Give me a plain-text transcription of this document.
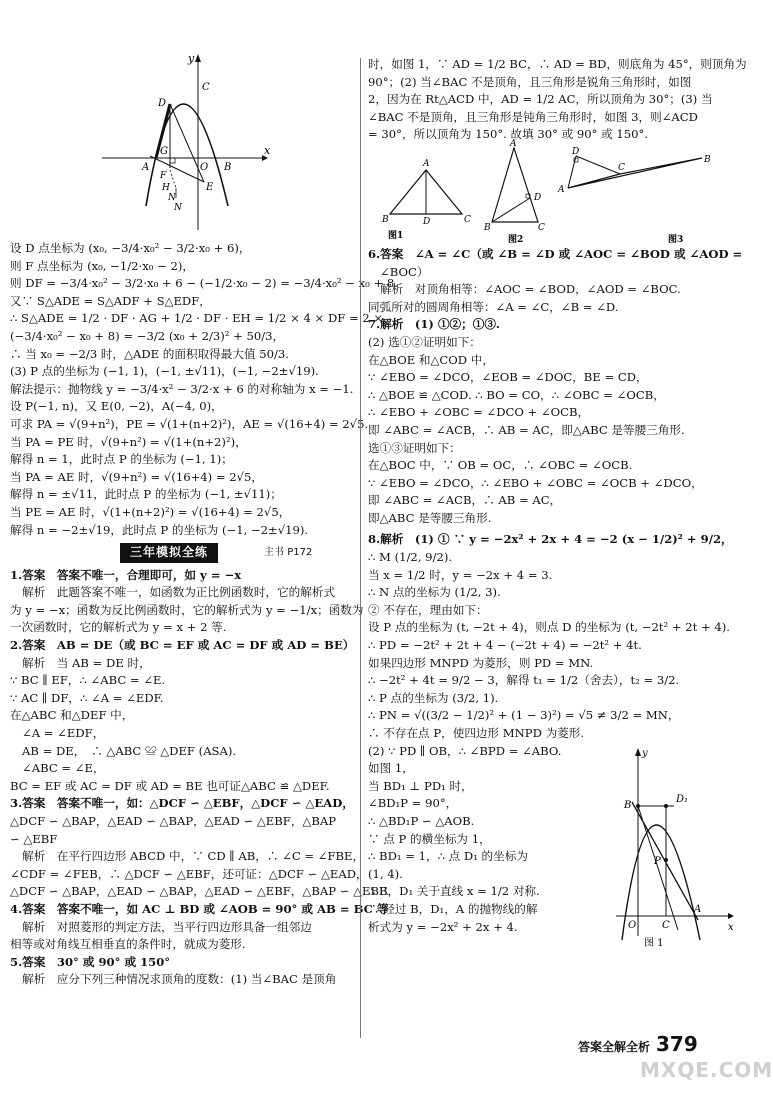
y
x
C
D
A
G
O B
F
H	E
N
N
设 D 点坐标为 (x₀, −3/4·x₀² − 3/2·x₀ + 6)，
则 F 点坐标为 (x₀, −1/2·x₀ − 2)，
则 DF = −3/4·x₀² − 3/2·x₀ + 6 − (−1/2·x₀ − 2) = −3/4·x₀² − x₀ + 8.
又∵ S△ADE = S△ADF + S△EDF，
∴ S△ADE = 1/2 · DF · AG + 1/2 · DF · EH = 1/2 × 4 × DF = 2 ×
(−3/4·x₀² − x₀ + 8) = −3/2 (x₀ + 2/3)² + 50/3，
∴ 当 x₀ = −2/3 时，△ADE 的面积取得最大值 50/3.
(3) P 点的坐标为 (−1, 1)，(−1, ±√11)，(−1, −2±√19).
解法提示：抛物线 y = −3/4·x² − 3/2·x + 6 的对称轴为 x = −1.
设 P(−1, n)，又 E(0, −2)，A(−4, 0)，
可求 PA = √(9+n²)，PE = √(1+(n+2)²)，AE = √(16+4) = 2√5.
当 PA = PE 时，√(9+n²) = √(1+(n+2)²)，
解得 n = 1，此时点 P 的坐标为 (−1, 1)；
当 PA = AE 时，√(9+n²) = √(16+4) = 2√5，
解得 n = ±√11，此时点 P 的坐标为 (−1, ±√11)；
当 PE = AE 时，√(1+(n+2)²) = √(16+4) = 2√5，
解得 n = −2±√19，此时点 P 的坐标为 (−1, −2±√19).
三年模拟全练	主书 P172
1.答案　答案不唯一，合理即可，如 y = −x
解析　此题答案不唯一，如函数为正比例函数时，它的解析式
为 y = −x；函数为反比例函数时，它的解析式为 y = −1/x；函数为
一次函数时，它的解析式为 y = x + 2 等.
2.答案　AB = DE（或 BC = EF 或 AC = DF 或 AD = BE）
解析　当 AB = DE 时，
∵ BC ∥ EF，∴ ∠ABC = ∠E.
∵ AC ∥ DF，∴ ∠A = ∠EDF.
在△ABC 和△DEF 中，
∠A = ∠EDF，
AB = DE，　∴ △ABC ≌ △DEF (ASA).
∠ABC = ∠E，
BC = EF 或 AC = DF 或 AD = BE 也可证△ABC ≌ △DEF.
3.答案　答案不唯一，如：△DCF ∽ △EBF，△DCF ∽ △EAD，
△DCF ∽ △BAP，△EAD ∽ △BAP，△EAD ∽ △EBF，△BAP
∽ △EBF
解析　在平行四边形 ABCD 中，∵ CD ∥ AB，∴ ∠C = ∠FBE，
∠CDF = ∠FEB，∴ △DCF ∽ △EBF，还可证：△DCF ∽ △EAD，
△DCF ∽ △BAP，△EAD ∽ △BAP，△EAD ∽ △EBF，△BAP ∽ △EBF.
4.答案　答案不唯一，如 AC ⊥ BD 或 ∠AOB = 90° 或 AB = BC 等
解析　对照菱形的判定方法，当平行四边形具备一组邻边
相等或对角线互相垂直的条件时，就成为菱形.
5.答案　30° 或 90° 或 150°
解析　应分下列三种情况求顶角的度数：(1) 当∠BAC 是顶角
时，如图 1，∵ AD = 1/2 BC，∴ AD = BD，则底角为 45°，则顶角为
90°；(2) 当∠BAC 不是顶角，且三角形是锐角三角形时，如图
2，因为在 Rt△ACD 中，AD = 1/2 AC，所以顶角为 30°；(3) 当
∠BAC 不是顶角，且三角形是钝角三角形时，如图 3，则∠ACD
= 30°，所以顶角为 150°. 故填 30° 或 90° 或 150°.
A
B	D	C
图1
A
B	C
D
图2
D
A
C
B
图3
6.答案　∠A = ∠C（或 ∠B = ∠D 或 ∠AOC = ∠BOD 或 ∠AOD =
∠BOC）
解析　对顶角相等：∠AOC = ∠BOD，∠AOD = ∠BOC.
同弧所对的圆周角相等：∠A = ∠C，∠B = ∠D.
7.解析　(1) ①②；①③.
(2) 选①②证明如下：
在△BOE 和△COD 中，
∵ ∠EBO = ∠DCO，∠EOB = ∠DOC，BE = CD，
∴ △BOE ≌ △COD. ∴ BO = CO，∴ ∠OBC = ∠OCB，
∴ ∠EBO + ∠OBC = ∠DCO + ∠OCB，
即 ∠ABC = ∠ACB，∴ AB = AC，即△ABC 是等腰三角形.
选①③证明如下：
在△BOC 中，∵ OB = OC，∴ ∠OBC = ∠OCB.
∵ ∠EBO = ∠DCO，∴ ∠EBO + ∠OBC = ∠OCB + ∠DCO，
即 ∠ABC = ∠ACB，∴ AB = AC，
即△ABC 是等腰三角形.
8.解析　(1) ① ∵ y = −2x² + 2x + 4 = −2 (x − 1/2)² + 9/2，
∴ M (1/2, 9/2).
当 x = 1/2 时，y = −2x + 4 = 3.
∴ N 点的坐标为 (1/2, 3).
② 不存在，理由如下：
设 P 点的坐标为 (t, −2t + 4)，则点 D 的坐标为 (t, −2t² + 2t + 4).
∴ PD = −2t² + 2t + 4 − (−2t + 4) = −2t² + 4t.
如果四边形 MNPD 为菱形，则 PD = MN.
∴ −2t² + 4t = 9/2 − 3，解得 t₁ = 1/2（舍去），t₂ = 3/2.
∴ P 点的坐标为 (3/2, 1).
∴ PN = √((3/2 − 1/2)² + (1 − 3)²) = √5 ≠ 3/2 = MN，
∴ 不存在点 P，使四边形 MNPD 为菱形.
(2) ∵ PD ∥ OB，∴ ∠BPD = ∠ABO.
如图 1，
当 BD₁ ⊥ PD₁ 时，
∠BD₁P = 90°，
∴ △BD₁P ∽ △AOB.
∵ 点 P 的横坐标为 1，
∴ BD₁ = 1，∴ 点 D₁ 的坐标为
(1, 4).
∴ B，D₁ 关于直线 x = 1/2 对称.
∴ 经过 B，D₁，A 的抛物线的解
析式为 y = −2x² + 2x + 4.
y
B
D₁
P
O	C
A
x
图 1
答案全解全析 379
MXQE.COM
